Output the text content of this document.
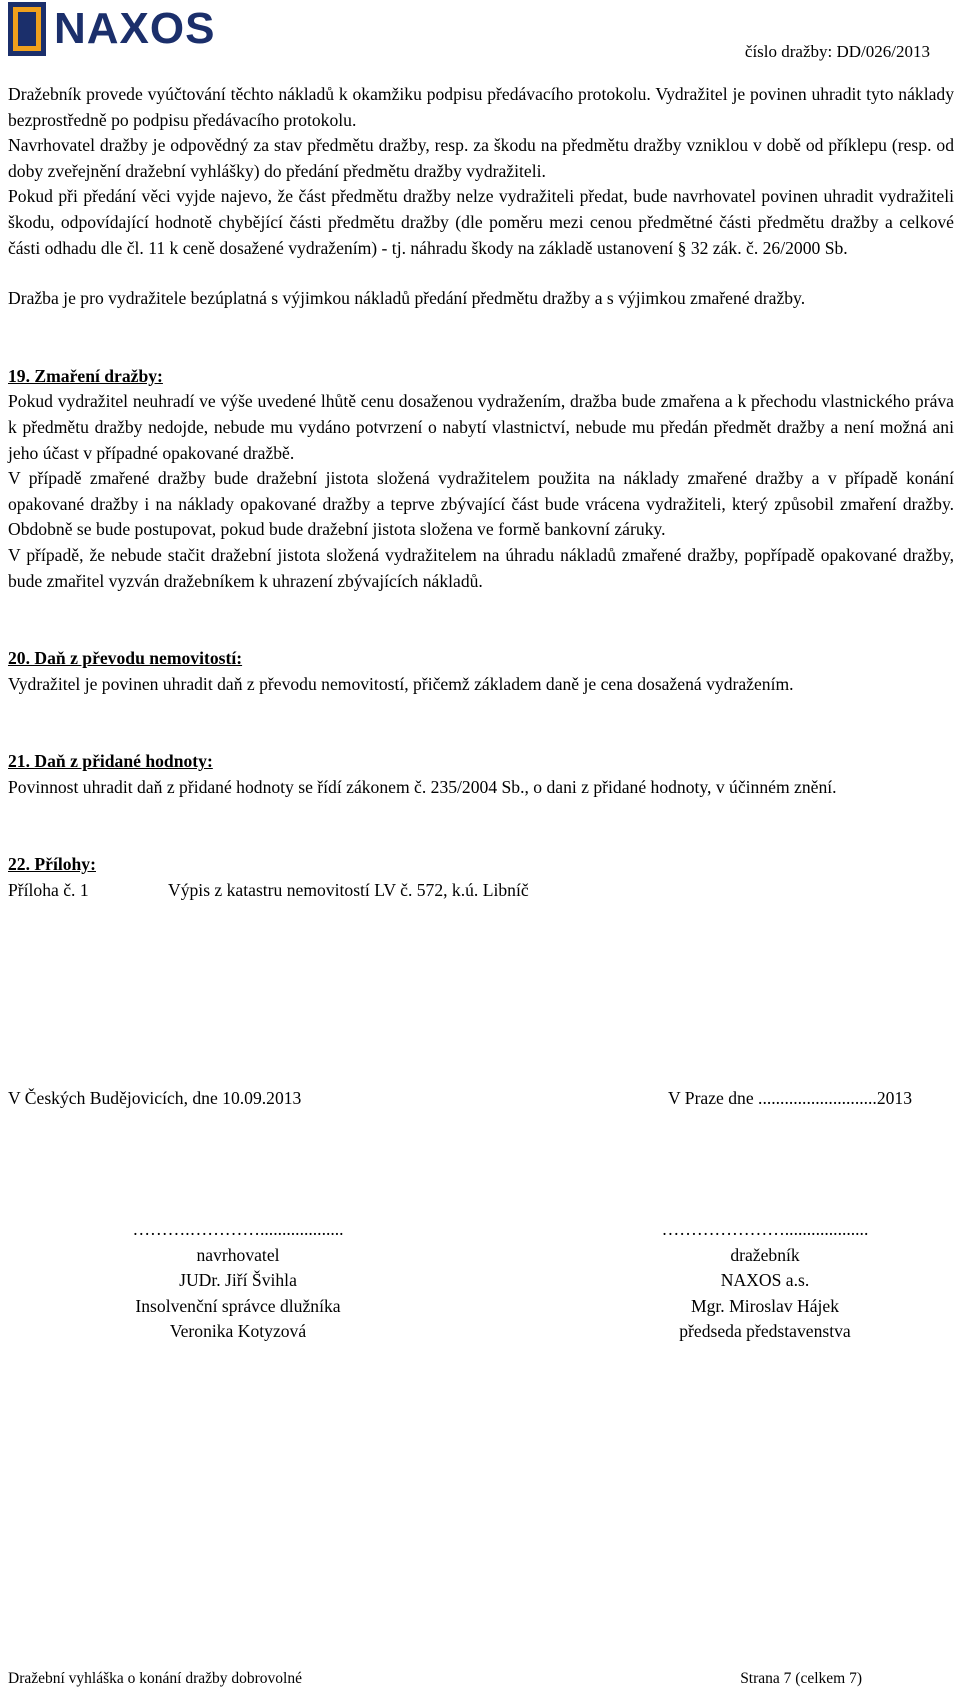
NAXOS	číslo dražby: DD/026/2013

Dražebník provede vyúčtování těchto nákladů k okamžiku podpisu předávacího protokolu. Vydražitel je povinen uhradit tyto náklady bezprostředně po podpisu předávacího protokolu.

Navrhovatel dražby je odpovědný za stav předmětu dražby, resp. za škodu na předmětu dražby vzniklou v době od příklepu (resp. od doby zveřejnění dražební vyhlášky) do předání předmětu dražby vydražiteli.

Pokud při předání věci vyjde najevo, že část předmětu dražby nelze vydražiteli předat, bude navrhovatel povinen uhradit vydražiteli škodu, odpovídající hodnotě chybějící části předmětu dražby (dle poměru mezi cenou předmětné části předmětu dražby a celkové části odhadu dle čl. 11 k ceně dosažené vydražením) - tj. náhradu škody na základě ustanovení § 32 zák. č. 26/2000 Sb.

Dražba je pro vydražitele bezúplatná s výjimkou nákladů předání předmětu dražby a s výjimkou zmařené dražby.

19. Zmaření dražby:

Pokud vydražitel neuhradí ve výše uvedené lhůtě cenu dosaženou vydražením, dražba bude zmařena a k přechodu vlastnického práva k předmětu dražby nedojde, nebude mu vydáno potvrzení o nabytí vlastnictví, nebude mu předán předmět dražby a není možná ani jeho účast v případné opakované dražbě.

V případě zmařené dražby bude dražební jistota složená vydražitelem použita na náklady zmařené dražby a v případě konání opakované dražby i na náklady opakované dražby a teprve zbývající část bude vrácena vydražiteli, který způsobil zmaření dražby. Obdobně se bude postupovat, pokud bude dražební jistota složena ve formě bankovní záruky.

V případě, že nebude stačit dražební jistota složená vydražitelem na úhradu nákladů zmařené dražby, popřípadě opakované dražby, bude zmařitel vyzván dražebníkem k uhrazení zbývajících nákladů.

20. Daň z převodu nemovitostí:

Vydražitel je povinen uhradit daň z převodu nemovitostí, přičemž základem daně je cena dosažená vydražením.

21. Daň z přidané hodnoty:

Povinnost uhradit daň z přidané hodnoty se řídí zákonem č. 235/2004 Sb., o dani z přidané hodnoty, v účinném znění.

22. Přílohy:

Příloha č. 1	Výpis z katastru nemovitostí LV č. 572, k.ú. Libníč
V Českých Budějovicích, dne 10.09.2013	V Praze dne ...........................2013
……….…………...................
navrhovatel
JUDr. Jiří Švihla
Insolvenční správce dlužníka
Veronika Kotyzová
…………………...................
dražebník
NAXOS a.s.
Mgr. Miroslav Hájek
předseda představenstva
Dražební vyhláška o konání dražby dobrovolné	Strana 7 (celkem 7)
